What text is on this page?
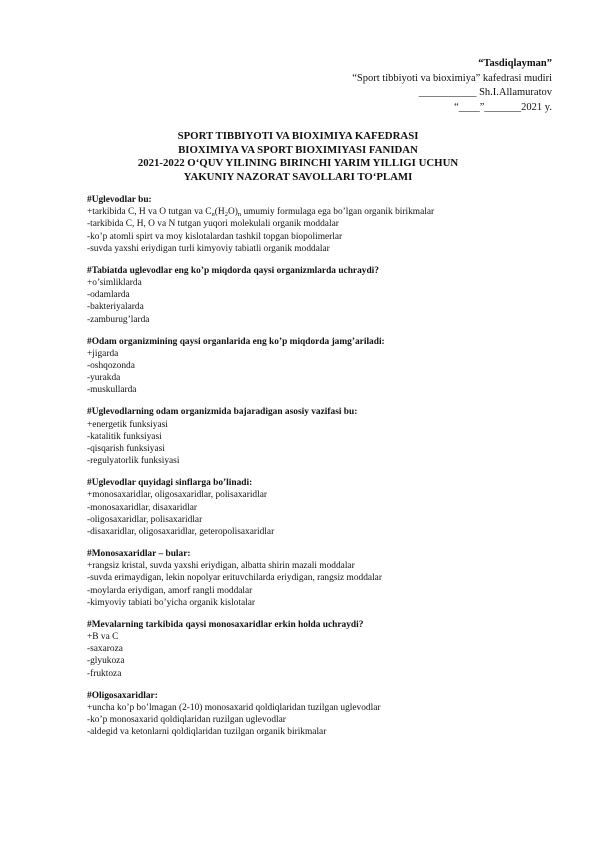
“Tasdiqlayman”
“Sport tibbiyoti va bioximiya” kafedrasi mudiri
___________ Sh.I.Allamuratov
“____”_______2021 y.
SPORT TIBBIYOTI VA BIOXIMIYA KAFEDRASI
BIOXIMIYA VA SPORT BIOXIMIYASI FANIDAN
2021-2022 O‘QUV YILINING BIRINCHI YARIM YILLIGI UCHUN
YAKUNIY NAZORAT SAVOLLARI TO‘PLAMI
#Uglevodlar bu:
+tarkibida C, H va O tutgan va $C_n(H_2O)_n$ umumiy formulaga ega bo’lgan organik birikmalar
-tarkibida C, H, O va N tutgan yuqori molekulali organik moddalar
-ko’p atomli spirt va moy kislotalardan tashkil topgan biopolimerlar
-suvda yaxshi eriydigan turli kimyoviy tabiatli organik moddalar
#Tabiatda uglevodlar eng ko’p miqdorda qaysi organizmlarda uchraydi?
+o’simliklarda
-odamlarda
-bakteriyalarda
-zamburug’larda
#Odam organizmining qaysi organlarida eng ko’p miqdorda jamg’ariladi:
+jigarda
-oshqozonda
-yurakda
-muskullarda
#Uglevodlarning odam organizmida bajaradigan asosiy vazifasi bu:
+energetik funksiyasi
-katalitik funksiyasi
-qisqarish funksiyasi
-regulyatorlik funksiyasi
#Uglevodlar quyidagi sinflarga bo’linadi:
+monosaxaridlar, oligosaxaridlar, polisaxaridlar
-monosaxaridlar, disaxaridlar
-oligosaxaridlar, polisaxaridlar
-disaxaridlar, oligosaxaridlar, geteropolisaxaridlar
#Monosaxaridlar – bular:
+rangsiz kristal, suvda yaxshi eriydigan, albatta shirin mazali moddalar
-suvda erimaydigan, lekin nopolyar erituvchilarda eriydigan, rangsiz moddalar
-moylarda eriydigan, amorf rangli moddalar
-kimyoviy tabiati bo’yicha organik kislotalar
#Mevalarning tarkibida qaysi monosaxaridlar erkin holda uchraydi?
+B va C
-saxaroza
-glyukoza
-fruktoza
#Oligosaxaridlar:
+uncha ko’p bo’lmagan (2-10) monosaxarid qoldiqlaridan tuzilgan uglevodlar
-ko’p monosaxarid qoldiqlaridan ruzilgan uglevodlar
-aldegid va ketonlarni qoldiqlaridan tuzilgan organik birikmalar
